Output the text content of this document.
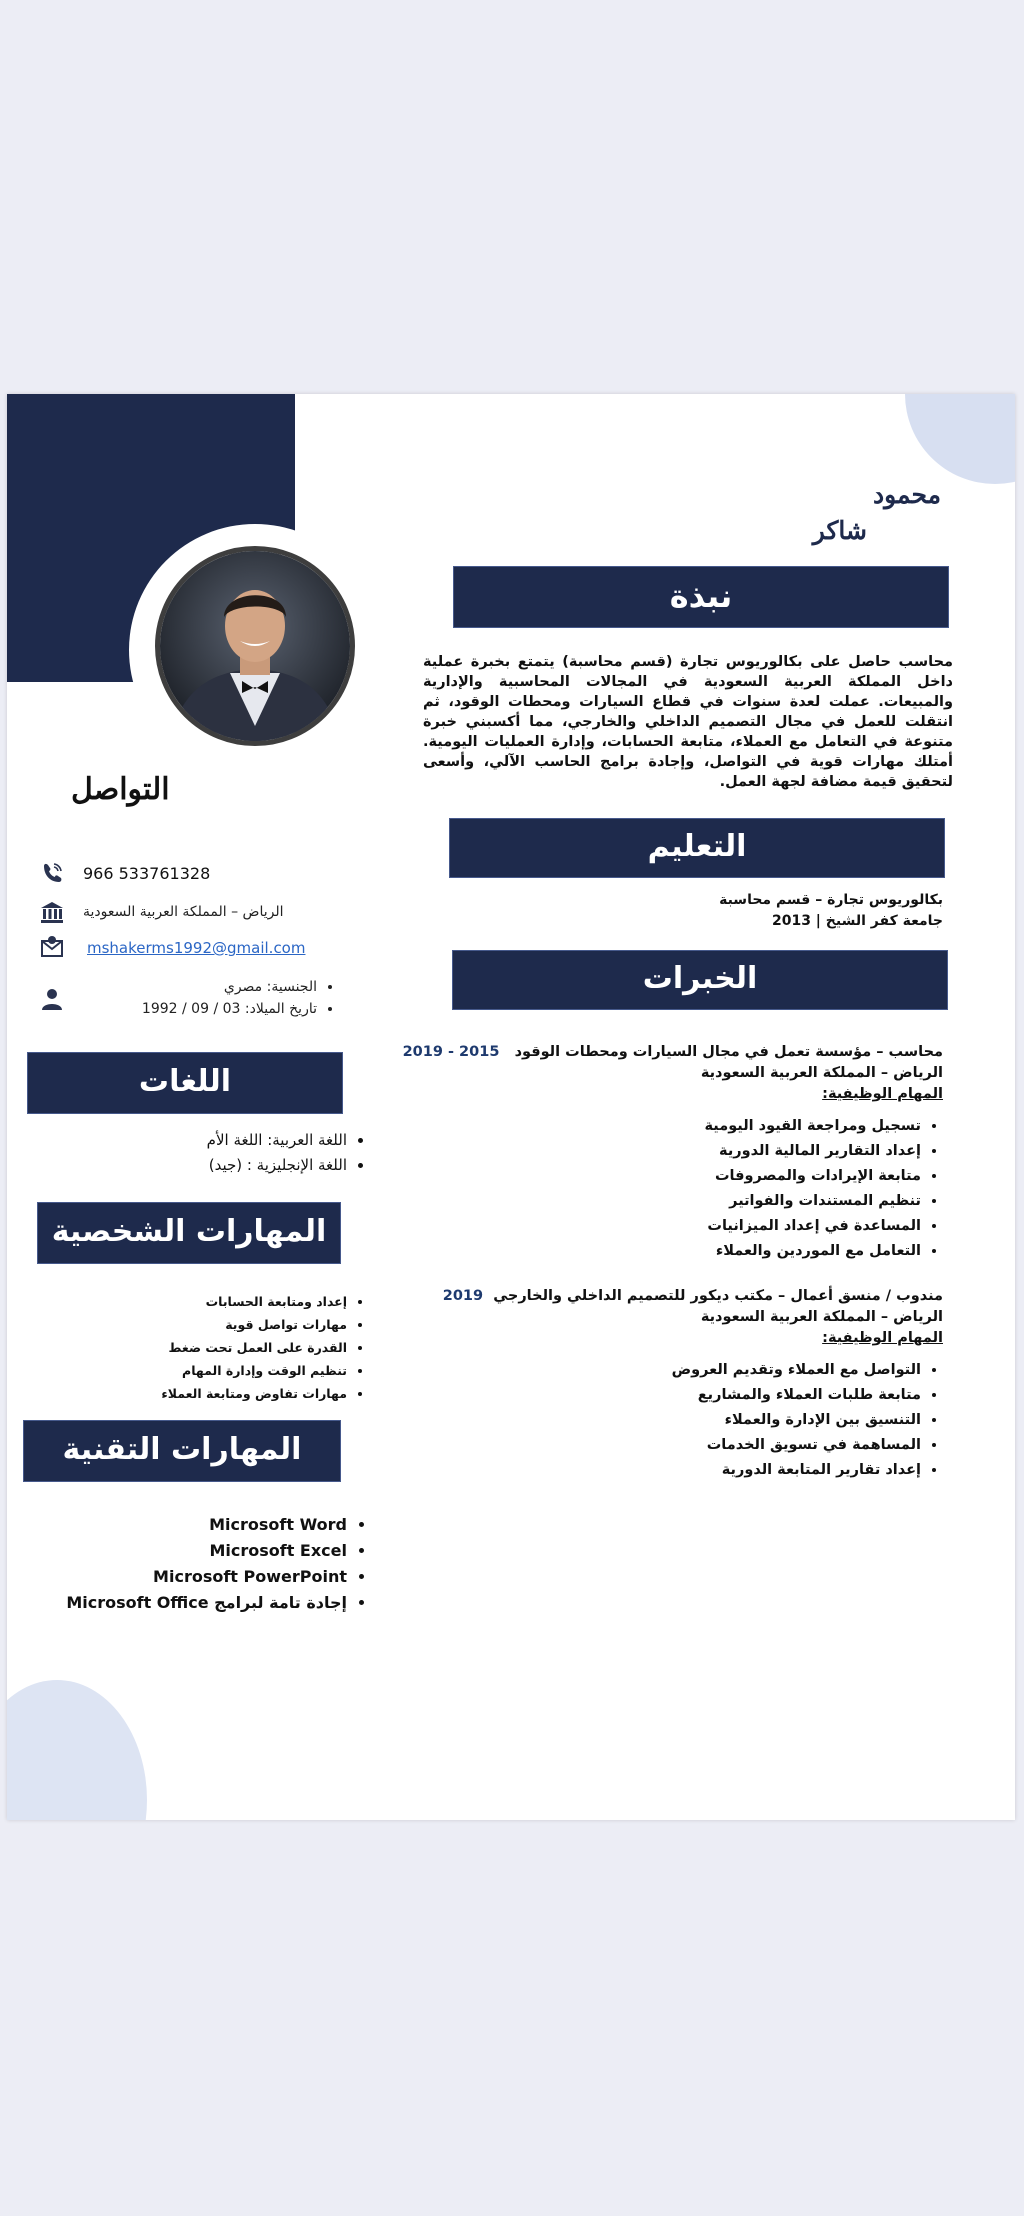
محمود
شاكر
نبذة
محاسب حاصل على بكالوريوس تجارة (قسم محاسبة) يتمتع بخبرة عملية داخل المملكة العربية السعودية في المجالات المحاسبية والإدارية والمبيعات. عملت لعدة سنوات في قطاع السيارات ومحطات الوقود، ثم انتقلت للعمل في مجال التصميم الداخلي والخارجي، مما أكسبني خبرة متنوعة في التعامل مع العملاء، متابعة الحسابات، وإدارة العمليات اليومية. أمتلك مهارات قوية في التواصل، وإجادة برامج الحاسب الآلي، وأسعى لتحقيق قيمة مضافة لجهة العمل.
التعليم
بكالوريوس تجارة – قسم محاسبة
جامعة كفر الشيخ | 2013
الخبرات
محاسب – مؤسسة تعمل في مجال السيارات ومحطات الوقود   2015 - 2019
الرياض – المملكة العربية السعودية
المهام الوظيفية:
• تسجيل ومراجعة القيود اليومية
• إعداد التقارير المالية الدورية
• متابعة الإيرادات والمصروفات
• تنظيم المستندات والفواتير
• المساعدة في إعداد الميزانيات
• التعامل مع الموردين والعملاء
مندوب / منسق أعمال – مكتب ديكور للتصميم الداخلي والخارجي  2019
الرياض – المملكة العربية السعودية
المهام الوظيفية:
• التواصل مع العملاء وتقديم العروض
• متابعة طلبات العملاء والمشاريع
• التنسيق بين الإدارة والعملاء
• المساهمة في تسويق الخدمات
• إعداد تقارير المتابعة الدورية
التواصل
966 533761328
الرياض – المملكة العربية السعودية
mshakerms1992@gmail.com
• الجنسية: مصري
• تاريخ الميلاد: 03 / 09 / 1992
اللغات
• اللغة العربية: اللغة الأم
• اللغة الإنجليزية : (جيد)
المهارات الشخصية
• إعداد ومتابعة الحسابات
• مهارات تواصل قوية
• القدرة على العمل تحت ضغط
• تنظيم الوقت وإدارة المهام
• مهارات تفاوض ومتابعة العملاء
المهارات التقنية
• Microsoft Word
• Microsoft Excel
• Microsoft PowerPoint
• إجادة تامة لبرامج Microsoft Office
